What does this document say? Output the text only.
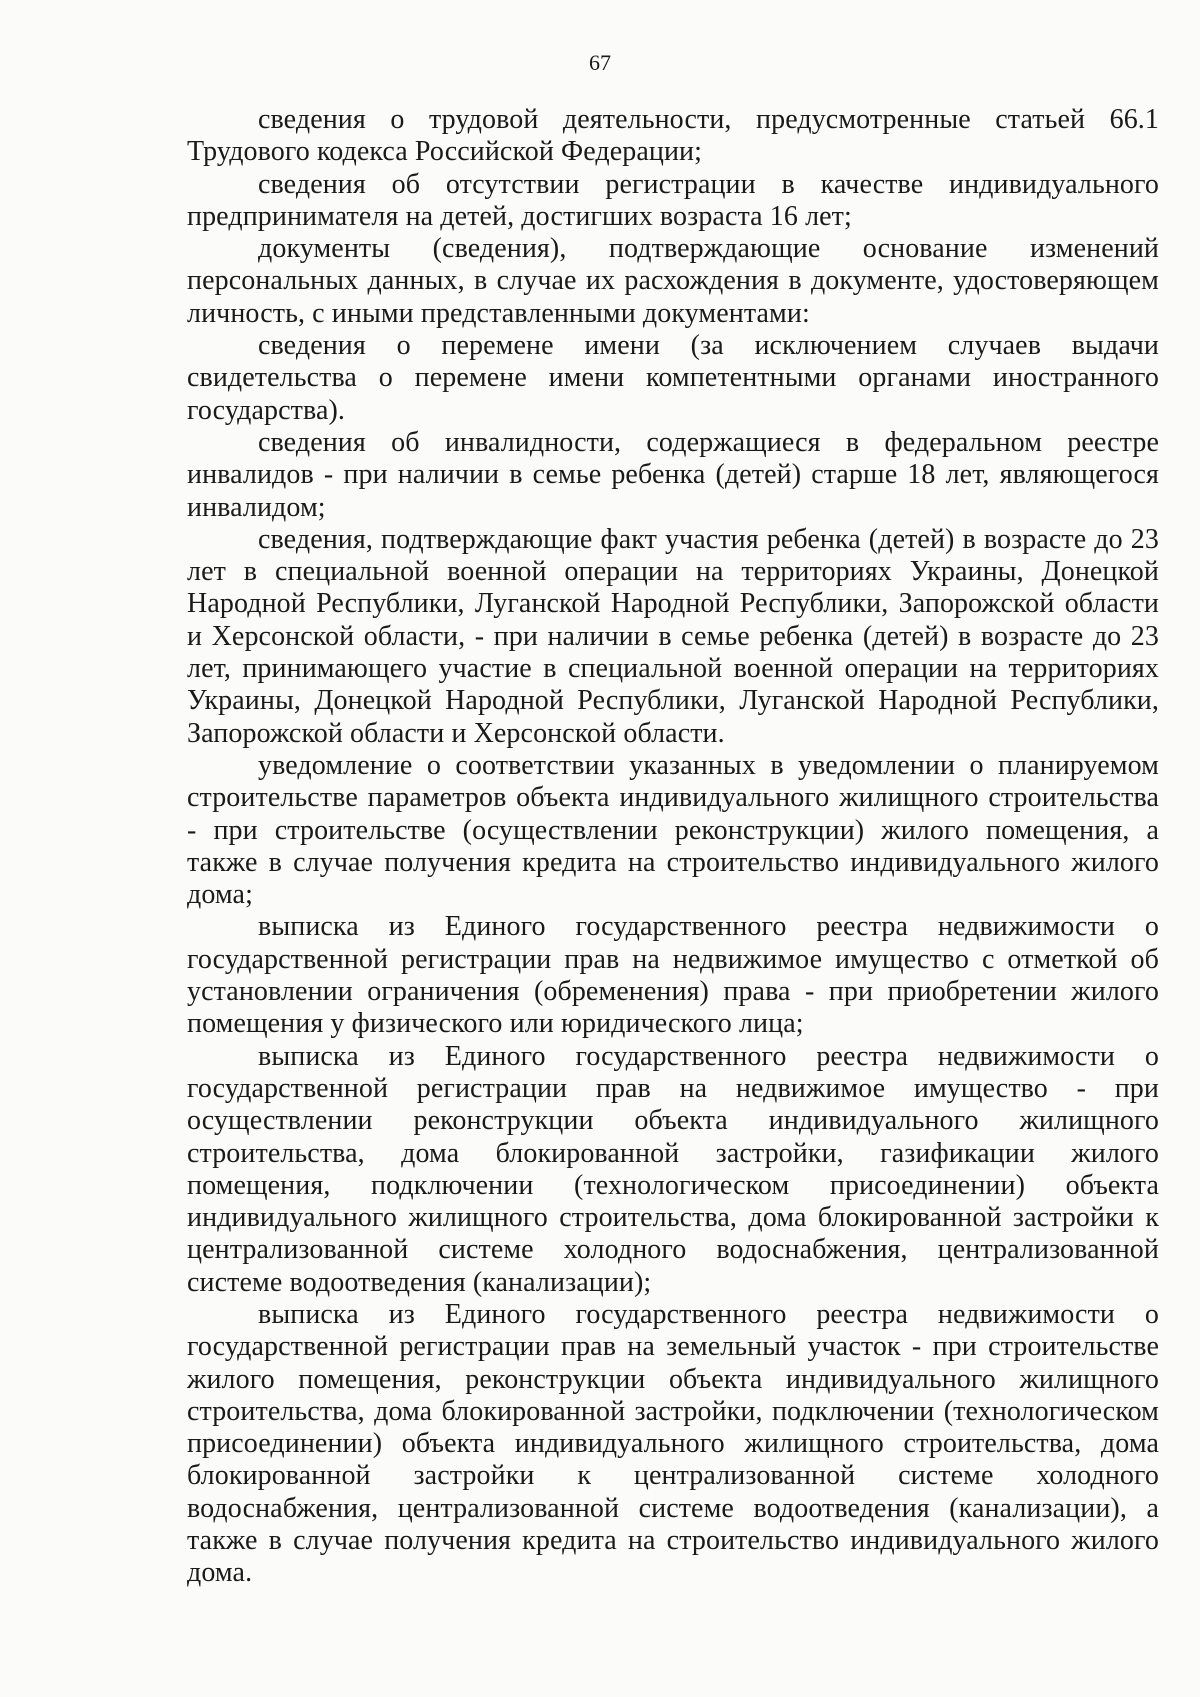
67

сведения о трудовой деятельности, предусмотренные статьей 66.1 Трудового кодекса Российской Федерации;

сведения об отсутствии регистрации в качестве индивидуального предпринимателя на детей, достигших возраста 16 лет;

документы (сведения), подтверждающие основание изменений персональных данных, в случае их расхождения в документе, удостоверяющем личность, с иными представленными документами:

сведения о перемене имени (за исключением случаев выдачи свидетельства о перемене имени компетентными органами иностранного государства).

сведения об инвалидности, содержащиеся в федеральном реестре инвалидов - при наличии в семье ребенка (детей) старше 18 лет, являющегося инвалидом;

сведения, подтверждающие факт участия ребенка (детей) в возрасте до 23 лет в специальной военной операции на территориях Украины, Донецкой Народной Республики, Луганской Народной Республики, Запорожской области и Херсонской области, - при наличии в семье ребенка (детей) в возрасте до 23 лет, принимающего участие в специальной военной операции на территориях Украины, Донецкой Народной Республики, Луганской Народной Республики, Запорожской области и Херсонской области.

уведомление о соответствии указанных в уведомлении о планируемом строительстве параметров объекта индивидуального жилищного строительства - при строительстве (осуществлении реконструкции) жилого помещения, а также в случае получения кредита на строительство индивидуального жилого дома;

выписка из Единого государственного реестра недвижимости о государственной регистрации прав на недвижимое имущество с отметкой об установлении ограничения (обременения) права - при приобретении жилого помещения у физического или юридического лица;

выписка из Единого государственного реестра недвижимости о государственной регистрации прав на недвижимое имущество - при осуществлении реконструкции объекта индивидуального жилищного строительства, дома блокированной застройки, газификации жилого помещения, подключении (технологическом присоединении) объекта индивидуального жилищного строительства, дома блокированной застройки к централизованной системе холодного водоснабжения, централизованной системе водоотведения (канализации);

выписка из Единого государственного реестра недвижимости о государственной регистрации прав на земельный участок - при строительстве жилого помещения, реконструкции объекта индивидуального жилищного строительства, дома блокированной застройки, подключении (технологическом присоединении) объекта индивидуального жилищного строительства, дома блокированной застройки к централизованной системе холодного водоснабжения, централизованной системе водоотведения (канализации), а также в случае получения кредита на строительство индивидуального жилого дома.
